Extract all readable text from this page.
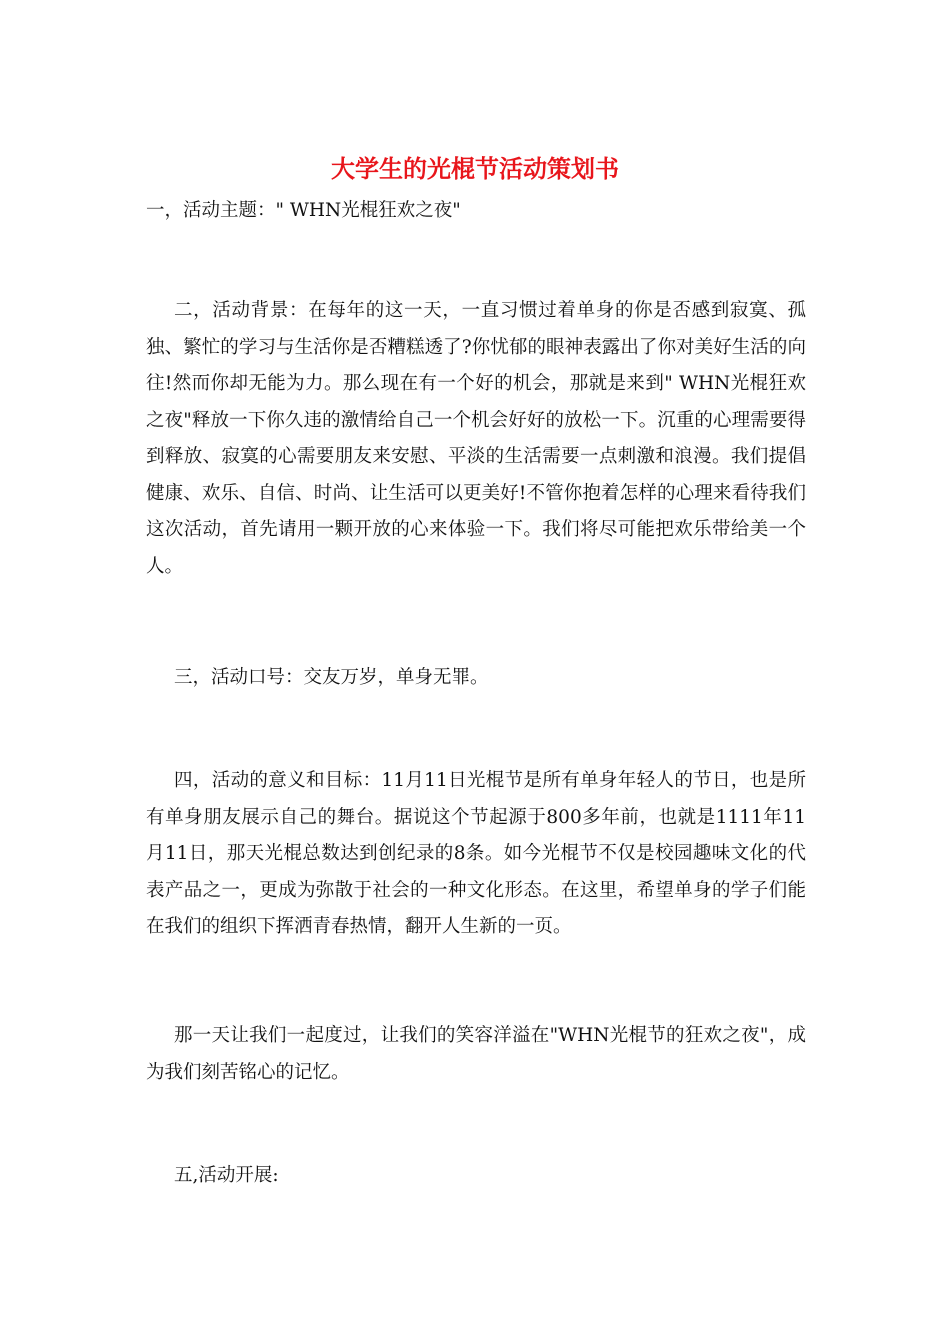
大学生的光棍节活动策划书

一，活动主题：" WHN光棍狂欢之夜"

二，活动背景：在每年的这一天，一直习惯过着单身的你是否感到寂寞、孤独、繁忙的学习与生活你是否糟糕透了?你忧郁的眼神表露出了你对美好生活的向往!然而你却无能为力。那么现在有一个好的机会，那就是来到" WHN光棍狂欢之夜"释放一下你久违的激情给自己一个机会好好的放松一下。沉重的心理需要得到释放、寂寞的心需要朋友来安慰、平淡的生活需要一点刺激和浪漫。我们提倡健康、欢乐、自信、时尚、让生活可以更美好!不管你抱着怎样的心理来看待我们这次活动，首先请用一颗开放的心来体验一下。我们将尽可能把欢乐带给美一个人。

三，活动口号：交友万岁，单身无罪。

四，活动的意义和目标：11月11日光棍节是所有单身年轻人的节日，也是所有单身朋友展示自己的舞台。据说这个节起源于800多年前，也就是1111年11月11日，那天光棍总数达到创纪录的8条。如今光棍节不仅是校园趣味文化的代表产品之一，更成为弥散于社会的一种文化形态。在这里，希望单身的学子们能在我们的组织下挥洒青春热情，翻开人生新的一页。

那一天让我们一起度过，让我们的笑容洋溢在"WHN光棍节的狂欢之夜"，成为我们刻苦铭心的记忆。

五,活动开展:
